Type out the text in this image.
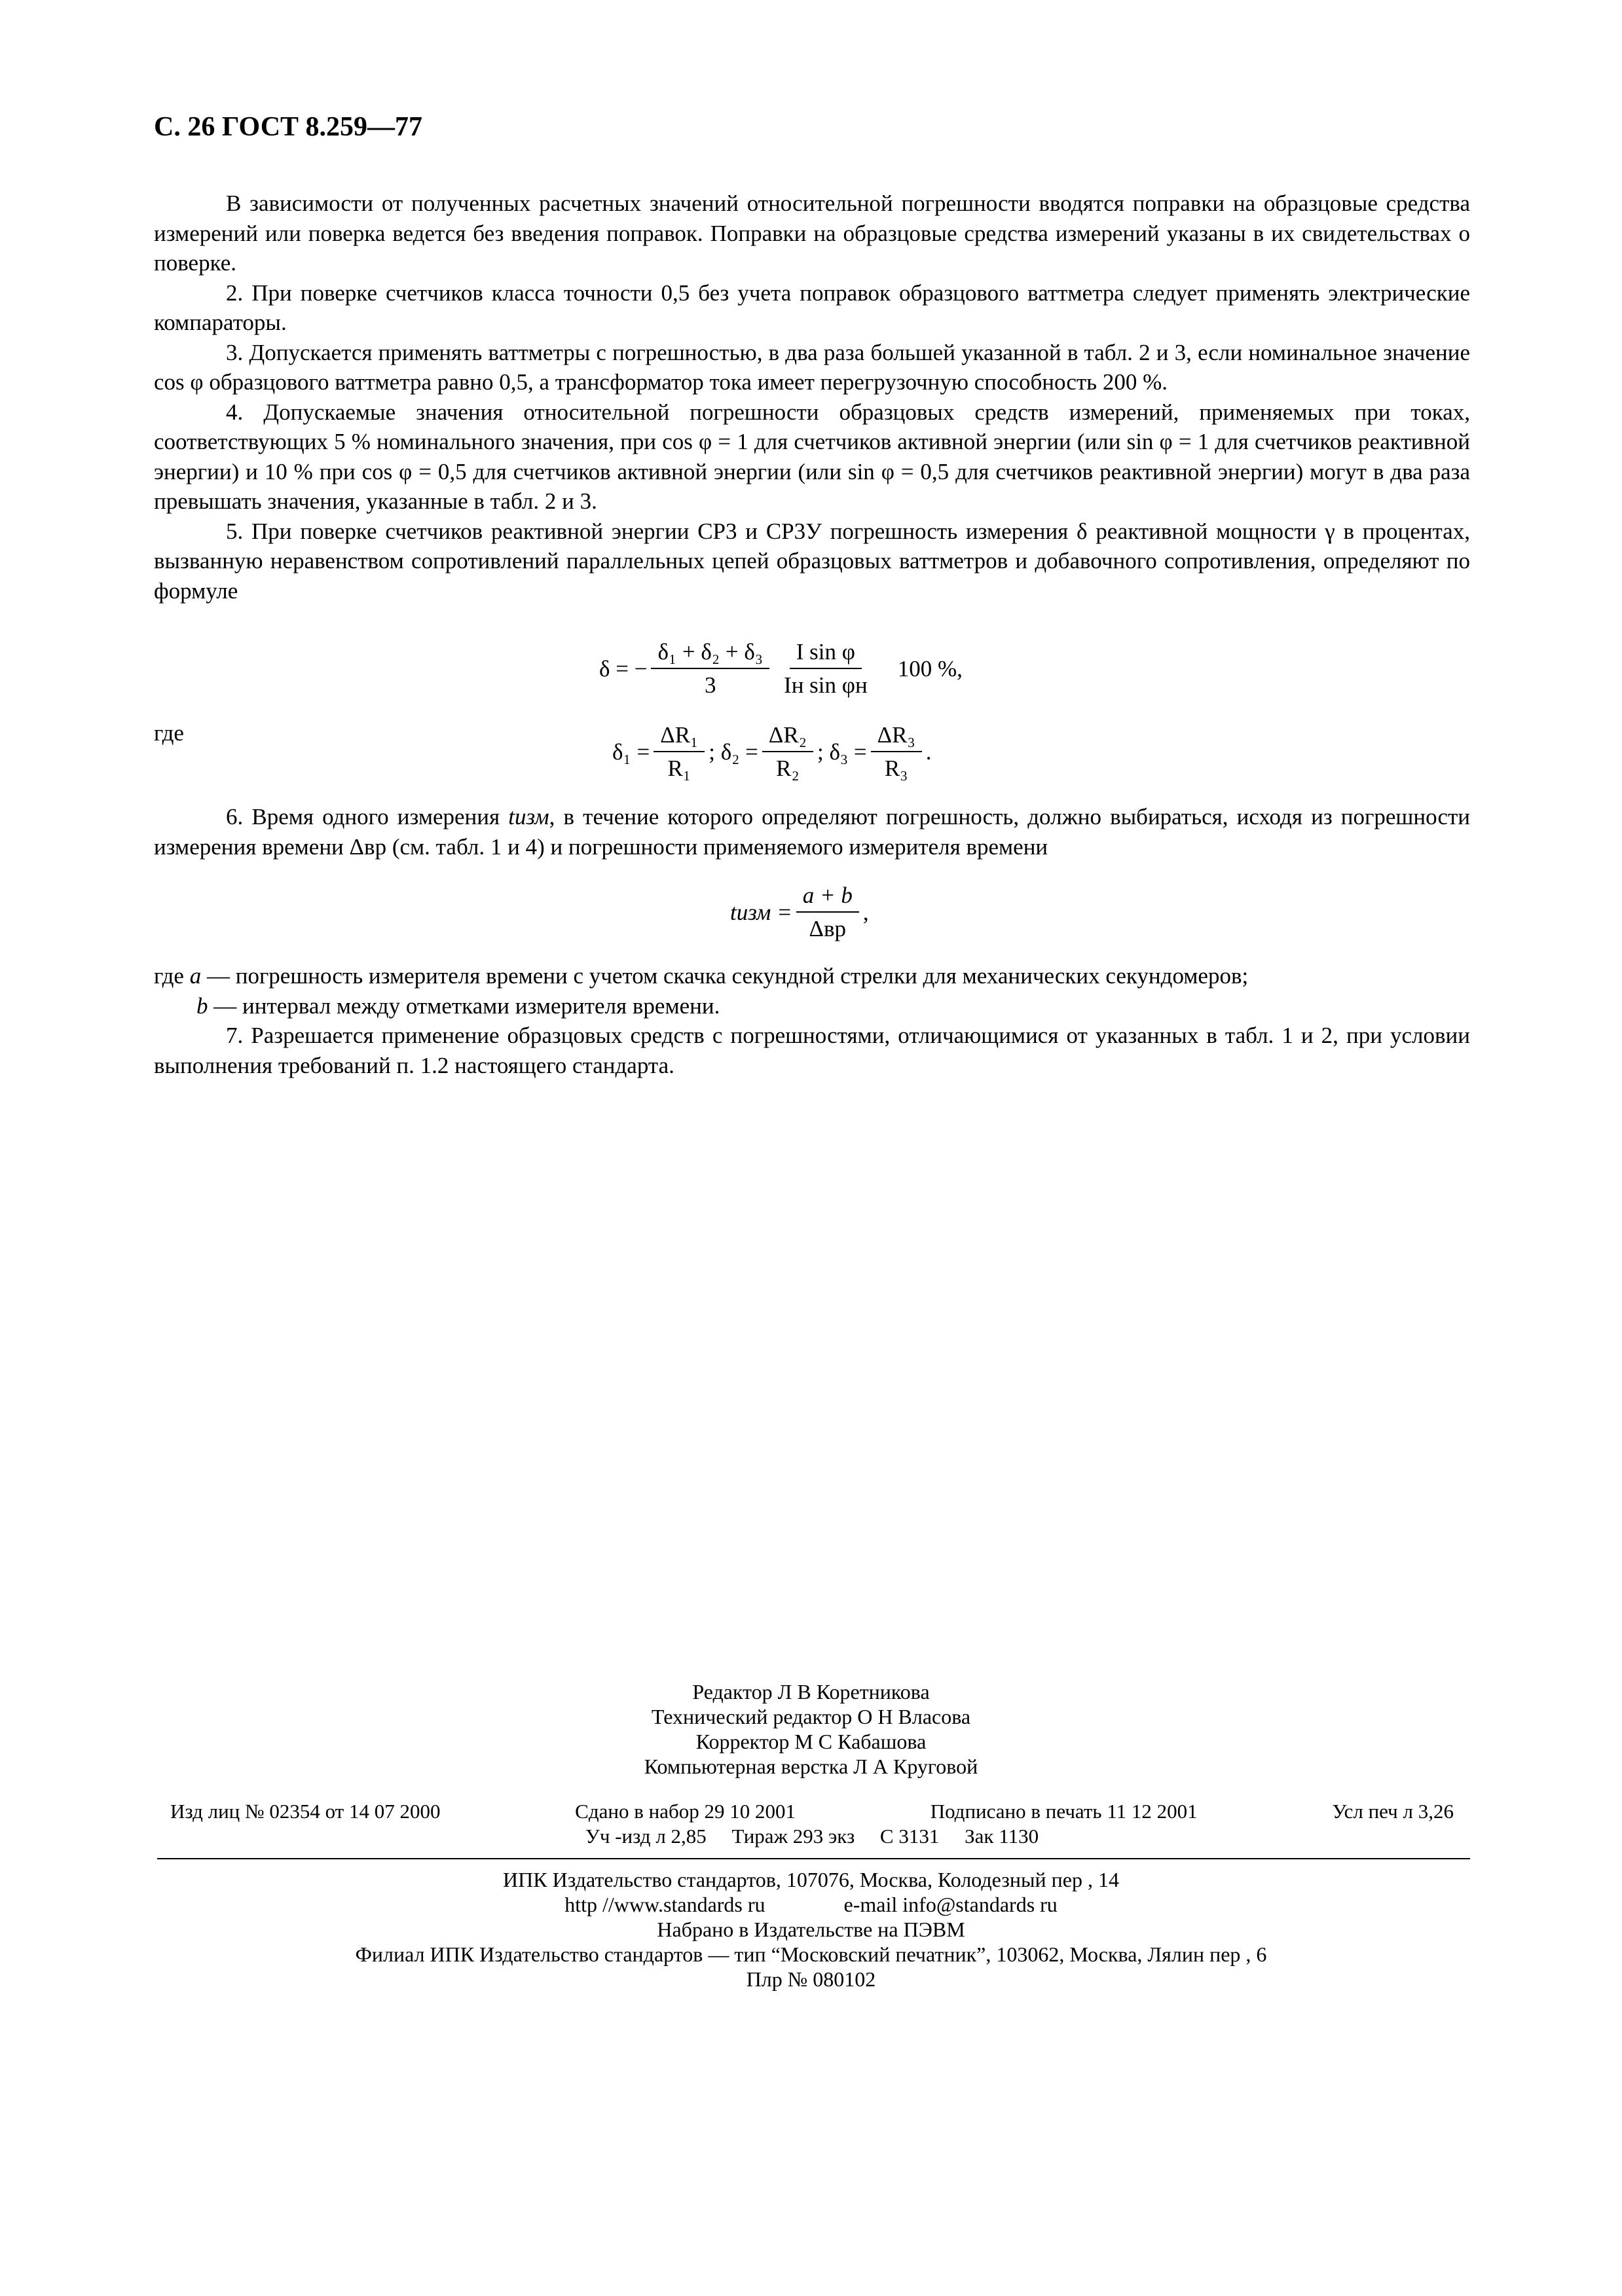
С. 26 ГОСТ 8.259—77

В зависимости от полученных расчетных значений относительной погрешности вводятся поправки на образцовые средства измерений или поверка ведется без введения поправок. Поправки на образцовые средства измерений указаны в их свидетельствах о поверке.

2. При поверке счетчиков класса точности 0,5 без учета поправок образцового ваттметра следует применять электрические компараторы.

3. Допускается применять ваттметры с погрешностью, в два раза большей указанной в табл. 2 и 3, если номинальное значение cos φ образцового ваттметра равно 0,5, а трансформатор тока имеет перегрузочную способность 200 %.

4. Допускаемые значения относительной погрешности образцовых средств измерений, применяемых при токах, соответствующих 5 % номинального значения, при cos φ = 1 для счетчиков активной энергии (или sin φ = 1 для счетчиков реактивной энергии) и 10 % при cos φ = 0,5 для счетчиков активной энергии (или sin φ = 0,5 для счетчиков реактивной энергии) могут в два раза превышать значения, указанные в табл. 2 и 3.

5. При поверке счетчиков реактивной энергии СР3 и СР3У погрешность измерения δ реактивной мощности γ в процентах, вызванную неравенством сопротивлений параллельных цепей образцовых ваттметров и добавочного сопротивления, определяют по формуле

δ = − $\frac{\text{δ₁ + δ₂ + δ₃}}{3} \frac{\text{I sin φ}}{\text{Iн sin φн}} 100$ %,
где
$\delta_1 = \frac{\text{ΔR₁}}{\text{R₁}}$ ; $\delta_2 = \frac{\text{ΔR₂}}{\text{R₂}}$ ; $\delta_3 = \frac{\text{ΔR₃}}{\text{R₃}}$ .

6. Время одного измерения tизм, в течение которого определяют погрешность, должно выбираться, исходя из погрешности измерения времени Δвр (см. табл. 1 и 4) и погрешности применяемого измерителя времени

tизм = $\frac{a + b}{\text{Δвр}}$ ,

где a — погрешность измерителя времени с учетом скачка секундной стрелки для механических секундомеров;

b — интервал между отметками измерителя времени.

7. Разрешается применение образцовых средств с погрешностями, отличающимися от указанных в табл. 1 и 2, при условии выполнения требований п. 1.2 настоящего стандарта.

Редактор Л В Коретникова
Технический редактор О Н Власова
Корректор М С Кабашова
Компьютерная верстка Л А Круговой
Изд лиц № 02354 от 14 07 2000	Сдано в набор 29 10 2001	Подписано в печать 11 12 2001	Усл печ л 3,26
Уч -изд л 2,85     Тираж 293 экз     С 3131     Зак 1130
ИПК Издательство стандартов, 107076, Москва, Колодезный пер , 14
http //www.standards ru               e-mail info@standards ru
Набрано в Издательстве на ПЭВМ
Филиал ИПК Издательство стандартов — тип “Московский печатник”, 103062, Москва, Лялин пер , 6
Плр № 080102
